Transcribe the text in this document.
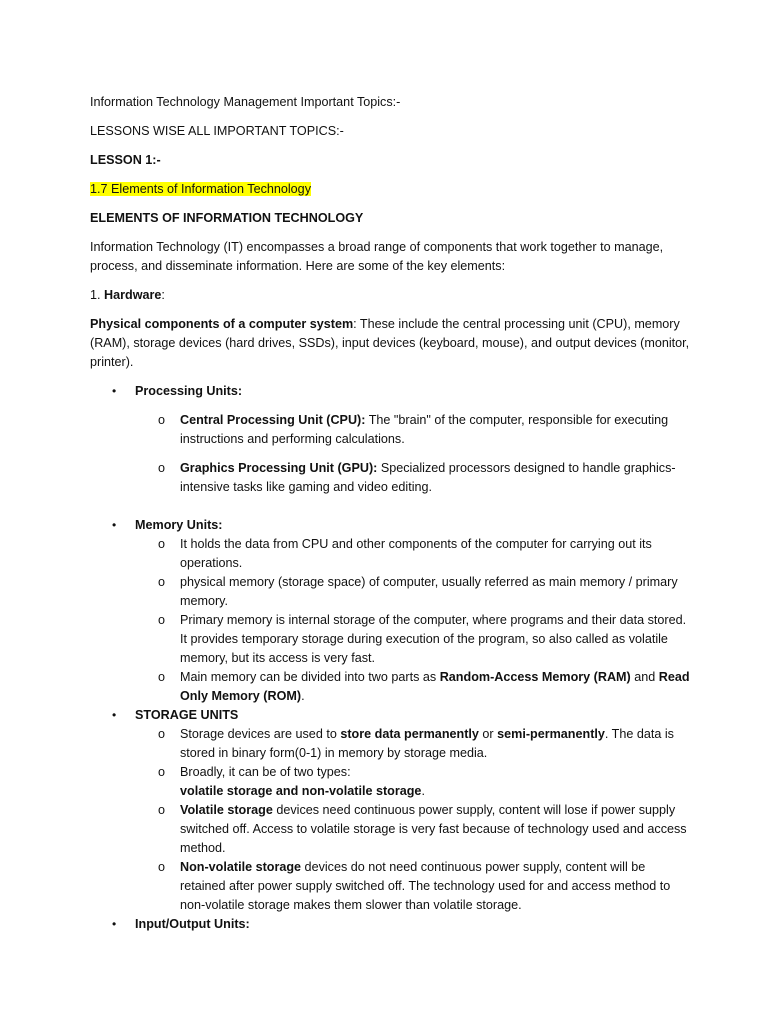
Information Technology Management Important Topics:-

LESSONS WISE ALL IMPORTANT TOPICS:-

LESSON 1:-

1.7 Elements of Information Technology

ELEMENTS OF INFORMATION TECHNOLOGY

Information Technology (IT) encompasses a broad range of components that work together to manage, process, and disseminate information. Here are some of the key elements:

1. Hardware:

Physical components of a computer system: These include the central processing unit (CPU), memory (RAM), storage devices (hard drives, SSDs), input devices (keyboard, mouse), and output devices (monitor, printer).

• Processing Units:
o Central Processing Unit (CPU): The "brain" of the computer, responsible for executing instructions and performing calculations.
o Graphics Processing Unit (GPU): Specialized processors designed to handle graphics-intensive tasks like gaming and video editing.
• Memory Units:
o It holds the data from CPU and other components of the computer for carrying out its operations.
o physical memory (storage space) of computer, usually referred as main memory / primary memory.
o Primary memory is internal storage of the computer, where programs and their data stored. It provides temporary storage during execution of the program, so also called as volatile memory, but its access is very fast.
o Main memory can be divided into two parts as Random-Access Memory (RAM) and Read Only Memory (ROM).
• STORAGE UNITS
o Storage devices are used to store data permanently or semi-permanently. The data is stored in binary form(0-1) in memory by storage media.
o Broadly, it can be of two types:
volatile storage and non-volatile storage.
o Volatile storage devices need continuous power supply, content will lose if power supply switched off. Access to volatile storage is very fast because of technology used and access method.
o Non-volatile storage devices do not need continuous power supply, content will be retained after power supply switched off. The technology used for and access method to non-volatile storage makes them slower than volatile storage.
• Input/Output Units:
